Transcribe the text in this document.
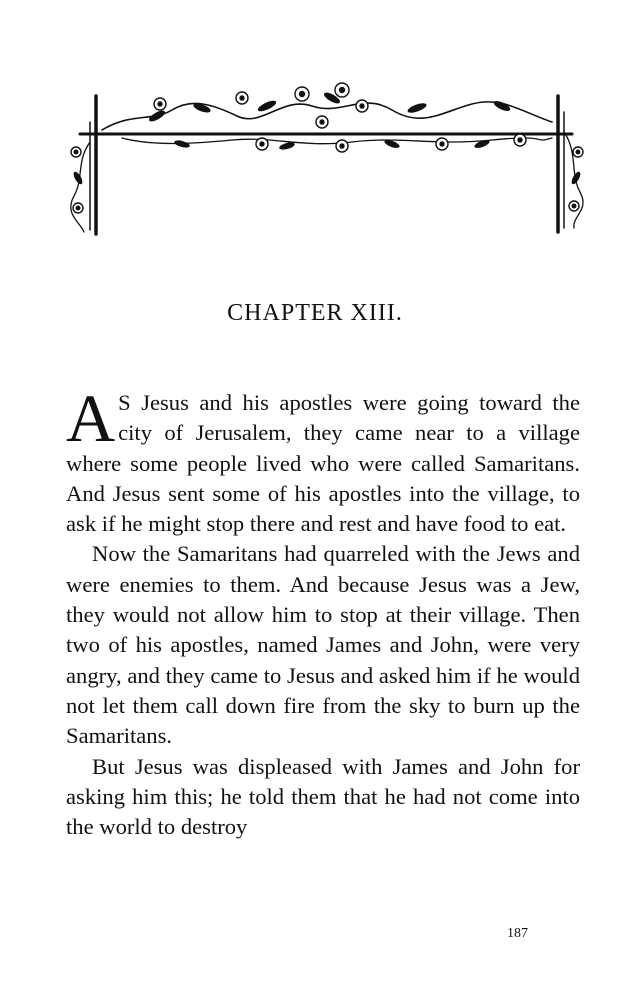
CHAPTER XIII.

A S Jesus and his apostles were going toward the city of Jerusalem, they came near to a village where some people lived who were called Samaritans. And Jesus sent some of his apostles into the village, to ask if he might stop there and rest and have food to eat.

Now the Samaritans had quarreled with the Jews and were enemies to them. And because Jesus was a Jew, they would not allow him to stop at their village. Then two of his apostles, named James and John, were very angry, and they came to Jesus and asked him if he would not let them call down fire from the sky to burn up the Samaritans.

But Jesus was displeased with James and John for asking him this; he told them that he had not come into the world to destroy

187
